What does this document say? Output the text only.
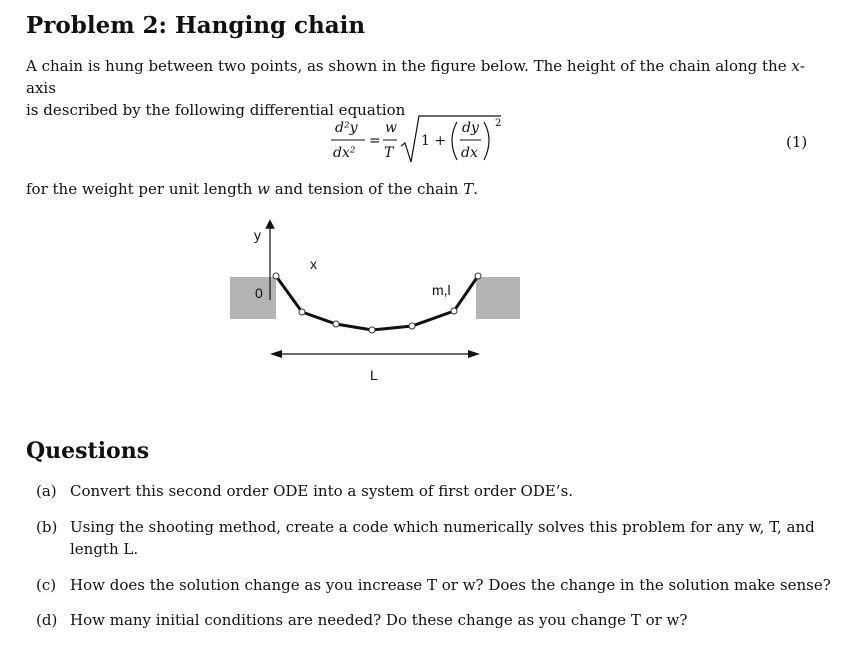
Problem 2: Hanging chain
A chain is hung between two points, as shown in the figure below. The height of the chain along the x-axis
is described by the following differential equation
d²y
dx²
=
w
T
1 +
dy
dx
2
(1)
for the weight per unit length w and tension of the chain T.
y
x
0	m,l
L
Questions
(a) Convert this second order ODE into a system of first order ODE’s.
(b) Using the shooting method, create a code which numerically solves this problem for any w, T, and
length L.
(c) How does the solution change as you increase T or w? Does the change in the solution make sense?
(d) How many initial conditions are needed? Do these change as you change T or w?
